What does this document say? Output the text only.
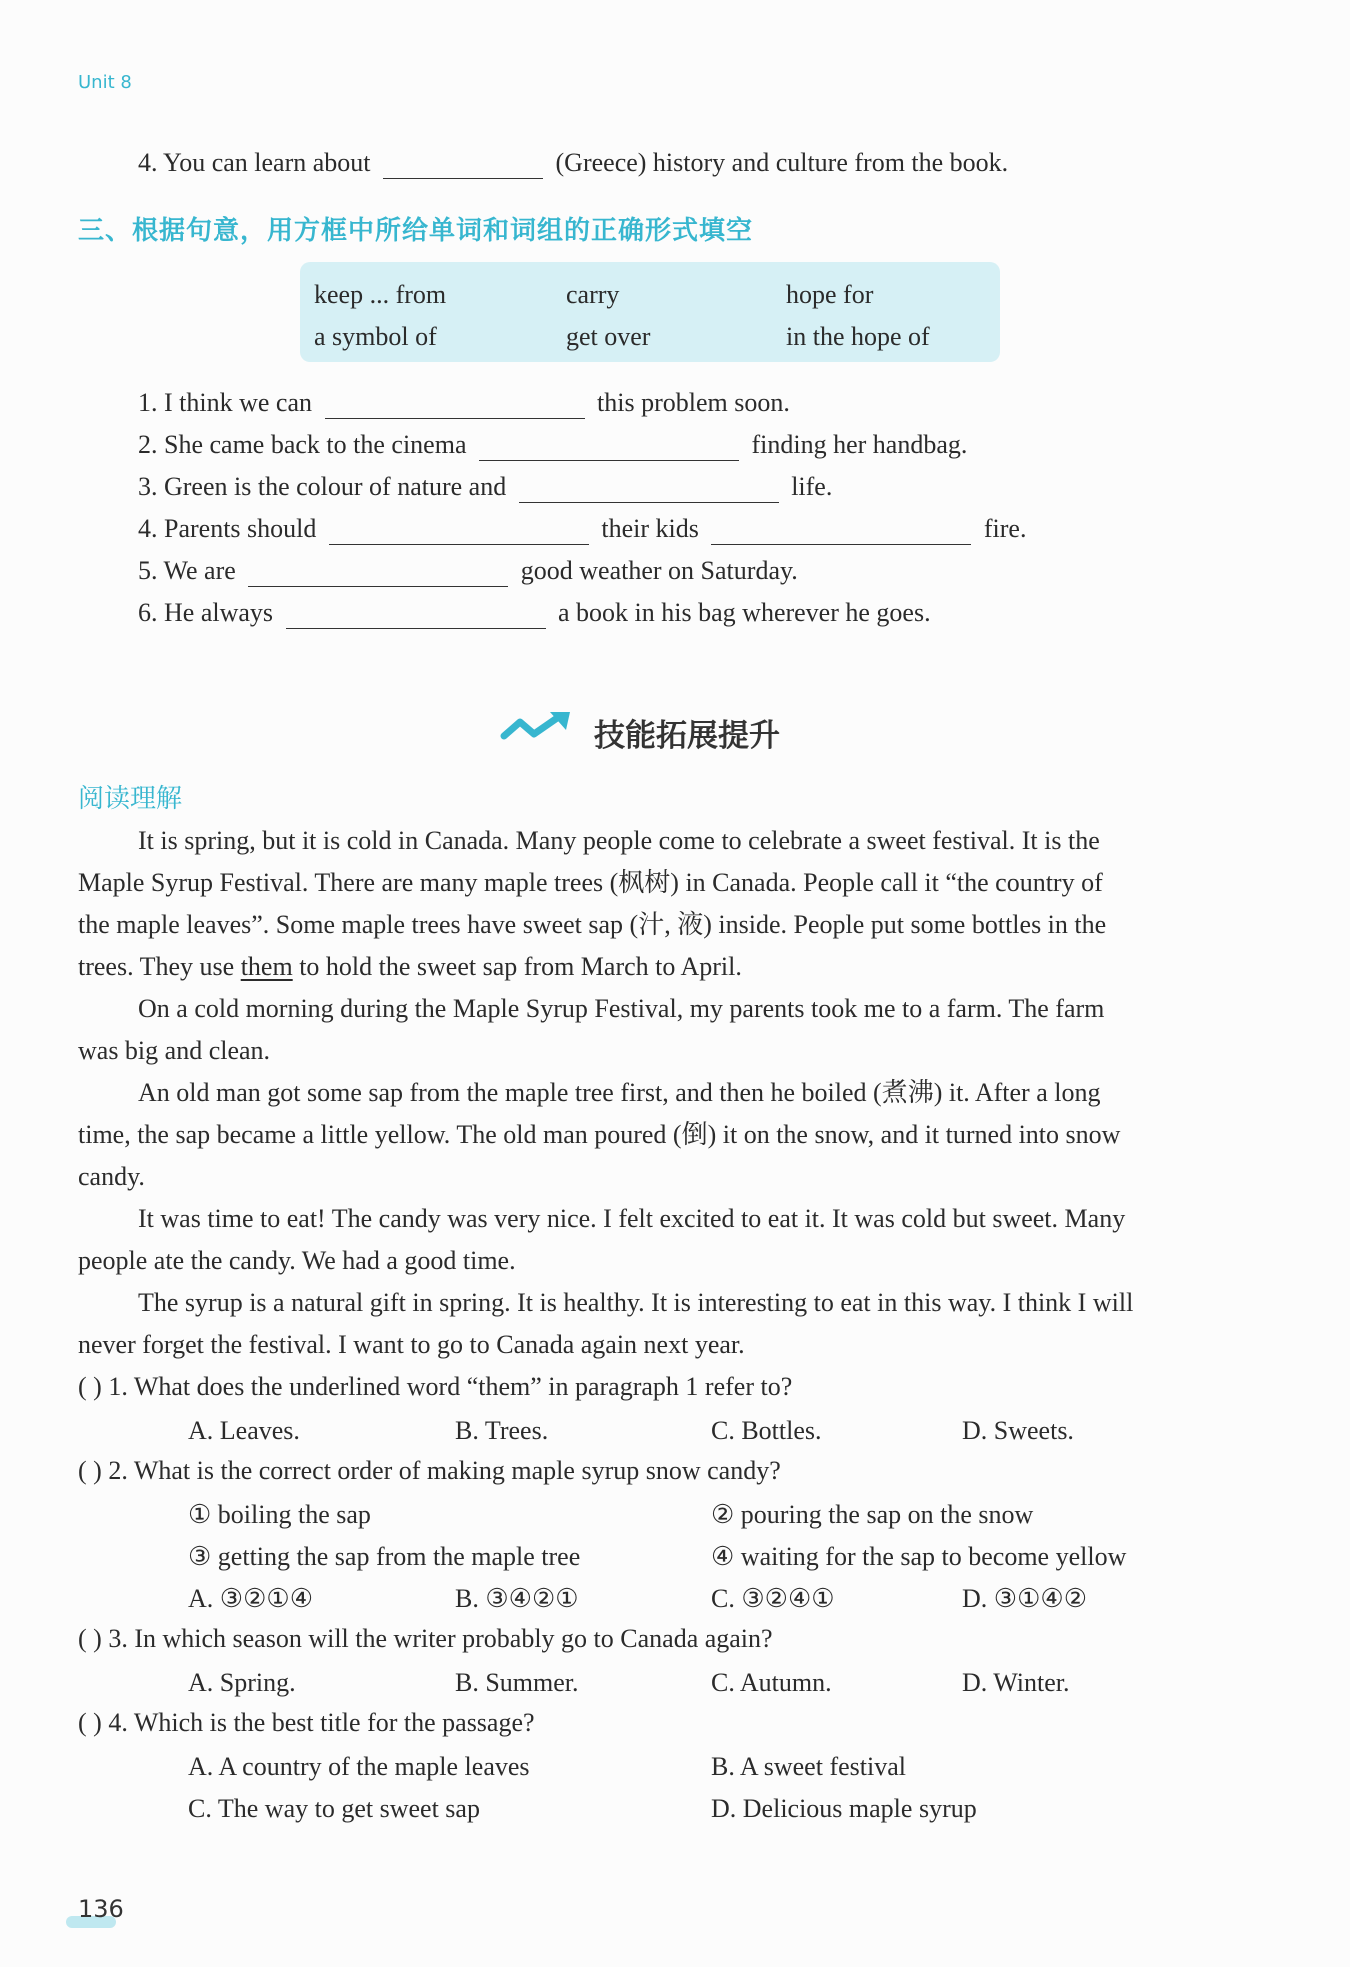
Unit 8
4. You can learn about	(Greece) history and culture from the book.
三、根据句意，用方框中所给单词和词组的正确形式填空
keep ... from	carry	hope for
a symbol of	get over	in the hope of
1. I think we can	this problem soon.
2. She came back to the cinema	finding her handbag.
3. Green is the colour of nature and	life.
4. Parents should	their kids	fire.
5. We are	good weather on Saturday.
6. He always	a book in his bag wherever he goes.
技能拓展提升
阅读理解
It is spring, but it is cold in Canada. Many people come to celebrate a sweet festival. It is the
Maple Syrup Festival. There are many maple trees (枫树) in Canada. People call it “the country of
the maple leaves”. Some maple trees have sweet sap (汁, 液) inside. People put some bottles in the
trees. They use them to hold the sweet sap from March to April.
On a cold morning during the Maple Syrup Festival, my parents took me to a farm. The farm
was big and clean.
An old man got some sap from the maple tree first, and then he boiled (煮沸) it. After a long
time, the sap became a little yellow. The old man poured (倒) it on the snow, and it turned into snow
candy.
It was time to eat! The candy was very nice. I felt excited to eat it. It was cold but sweet. Many
people ate the candy. We had a good time.
The syrup is a natural gift in spring. It is healthy. It is interesting to eat in this way. I think I will
never forget the festival. I want to go to Canada again next year.
( ) 1. What does the underlined word “them” in paragraph 1 refer to?
A. Leaves.	B. Trees.	C. Bottles.	D. Sweets.
( ) 2. What is the correct order of making maple syrup snow candy?
① boiling the sap	② pouring the sap on the snow
③ getting the sap from the maple tree	④ waiting for the sap to become yellow
A. ③②①④	B. ③④②①	C. ③②④①	D. ③①④②
( ) 3. In which season will the writer probably go to Canada again?
A. Spring.	B. Summer.	C. Autumn.	D. Winter.
( ) 4. Which is the best title for the passage?
A. A country of the maple leaves	B. A sweet festival
C. The way to get sweet sap	D. Delicious maple syrup
136
